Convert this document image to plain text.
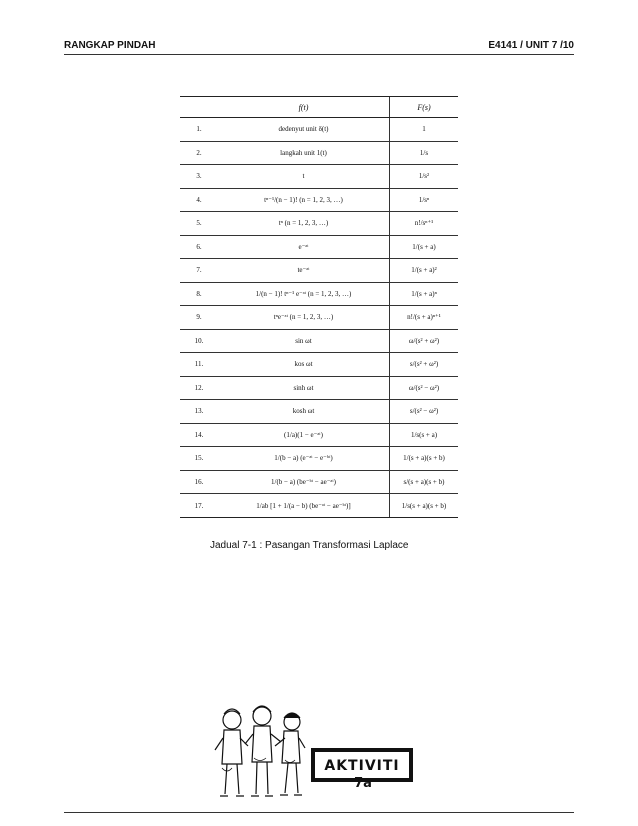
RANGKAP PINDAH	E4141 / UNIT 7 /10
	f(t)	F(s)
1.	dedenyut unit δ(t)	1
2.	langkah unit 1(t)	1/s
3.	t	1/s²
4.	tⁿ⁻¹/(n − 1)! (n = 1, 2, 3, …)	1/sⁿ
5.	tⁿ (n = 1, 2, 3, …)	n!/sⁿ⁺¹
6.	e⁻ᵃᵗ	1/(s + a)
7.	te⁻ᵃᵗ	1/(s + a)²
8.	1/(n − 1)! tⁿ⁻¹ e⁻ᵃᵗ (n = 1, 2, 3, …)	1/(s + a)ⁿ
9.	tⁿe⁻ᵃᵗ (n = 1, 2, 3, …)	n!/(s + a)ⁿ⁺¹
10.	sin ωt	ω/(s² + ω²)
11.	kos ωt	s/(s² + ω²)
12.	sinh ωt	ω/(s² − ω²)
13.	kosh ωt	s/(s² − ω²)
14.	(1/a)(1 − e⁻ᵃᵗ)	1/s(s + a)
15.	1/(b − a) (e⁻ᵃᵗ − e⁻ᵇᵗ)	1/(s + a)(s + b)
16.	1/(b − a) (be⁻ᵇᵗ − ae⁻ᵃᵗ)	s/(s + a)(s + b)
17.	1/ab [1 + 1/(a − b) (be⁻ᵃᵗ − ae⁻ᵇᵗ)]	1/s(s + a)(s + b)
Jadual 7-1 : Pasangan Transformasi Laplace
AKTIVITI
7a
